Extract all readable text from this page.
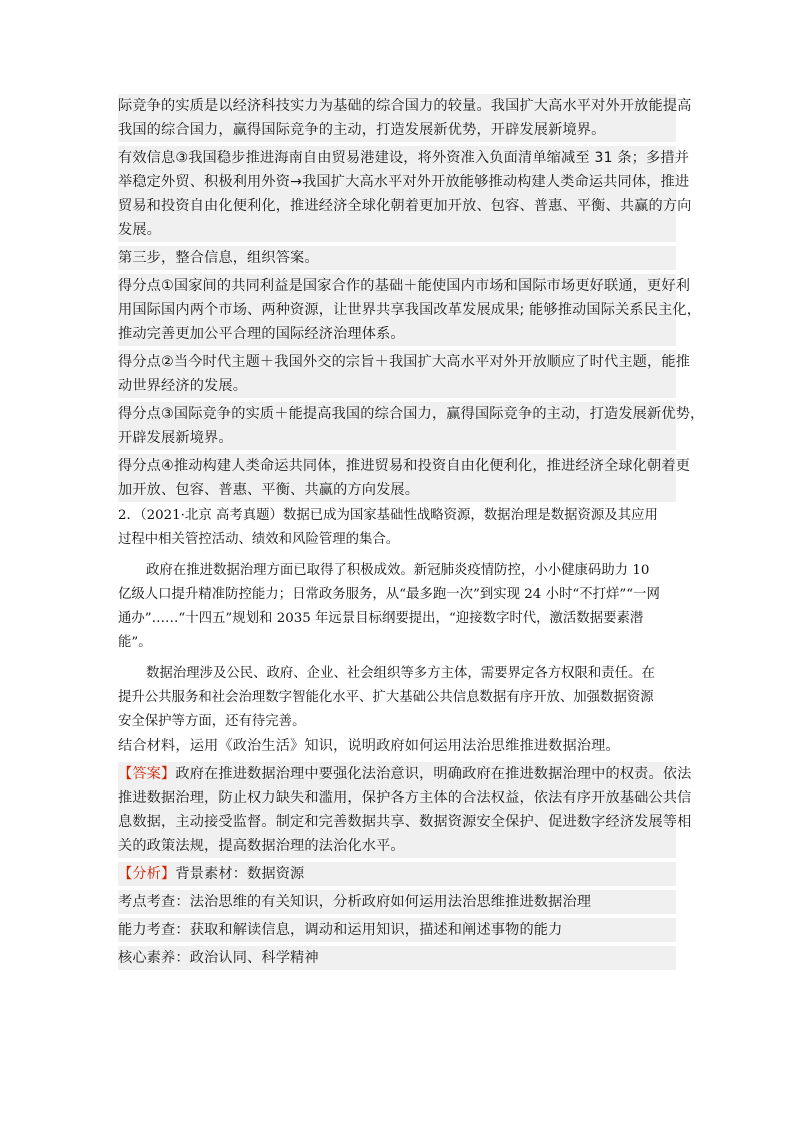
际竞争的实质是以经济科技实力为基础的综合国力的较量。我国扩大高水平对外开放能提高
我国的综合国力，赢得国际竞争的主动，打造发展新优势，开辟发展新境界。
有效信息③我国稳步推进海南自由贸易港建设，将外资准入负面清单缩减至 31 条；多措并
举稳定外贸、积极利用外资→我国扩大高水平对外开放能够推动构建人类命运共同体，推进
贸易和投资自由化便利化，推进经济全球化朝着更加开放、包容、普惠、平衡、共赢的方向
发展。
第三步，整合信息，组织答案。
得分点①国家间的共同利益是国家合作的基础＋能使国内市场和国际市场更好联通，更好利
用国际国内两个市场、两种资源，让世界共享我国改革发展成果; 能够推动国际关系民主化，
推动完善更加公平合理的国际经济治理体系。
得分点②当今时代主题＋我国外交的宗旨＋我国扩大高水平对外开放顺应了时代主题，能推
动世界经济的发展。
得分点③国际竞争的实质＋能提高我国的综合国力，赢得国际竞争的主动，打造发展新优势，
开辟发展新境界。
得分点④推动构建人类命运共同体，推进贸易和投资自由化便利化，推进经济全球化朝着更
加开放、包容、普惠、平衡、共赢的方向发展。
2．（2021·北京 高考真题）数据已成为国家基础性战略资源，数据治理是数据资源及其应用
过程中相关管控活动、绩效和风险管理的集合。
政府在推进数据治理方面已取得了积极成效。新冠肺炎疫情防控，小小健康码助力 10
亿级人口提升精准防控能力；日常政务服务，从“最多跑一次”到实现 24 小时“不打烊”“一网
通办”……“十四五”规划和 2035 年远景目标纲要提出，“迎接数字时代，激活数据要素潜
能”。
数据治理涉及公民、政府、企业、社会组织等多方主体，需要界定各方权限和责任。在
提升公共服务和社会治理数字智能化水平、扩大基础公共信息数据有序开放、加强数据资源
安全保护等方面，还有待完善。
结合材料，运用《政治生活》知识，说明政府如何运用法治思维推进数据治理。
【答案】政府在推进数据治理中要强化法治意识，明确政府在推进数据治理中的权责。依法
推进数据治理，防止权力缺失和滥用，保护各方主体的合法权益，依法有序开放基础公共信
息数据，主动接受监督。制定和完善数据共享、数据资源安全保护、促进数字经济发展等相
关的政策法规，提高数据治理的法治化水平。
【分析】背景素材：数据资源
考点考查：法治思维的有关知识，分析政府如何运用法治思维推进数据治理
能力考查：获取和解读信息，调动和运用知识，描述和阐述事物的能力
核心素养：政治认同、科学精神
